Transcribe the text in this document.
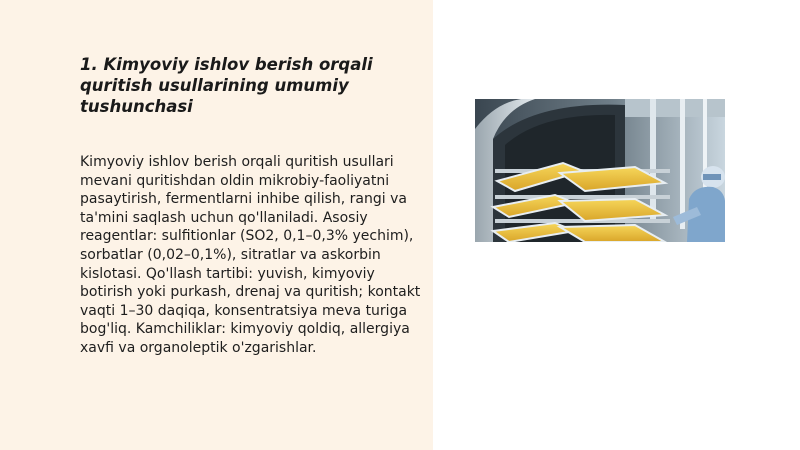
1. Kimyoviy ishlov berish orqali quritish usullarining umumiy tushunchasi

Kimyoviy ishlov berish orqali quritish usullari mevani quritishdan oldin mikrobiy-faoliyatni pasaytirish, fermentlarni inhibe qilish, rangi va ta'mini saqlash uchun qo'llaniladi. Asosiy reagentlar: sulfitionlar (SO2, 0,1–0,3% yechim), sorbatlar (0,02–0,1%), sitratlar va askorbin kislotasi. Qo'llash tartibi: yuvish, kimyoviy botirish yoki purkash, drenaj va quritish; kontakt vaqti 1–30 daqiqa, konsentratsiya meva turiga bog'liq. Kamchiliklar: kimyoviy qoldiq, allergiya xavfi va organoleptik o'zgarishlar.
